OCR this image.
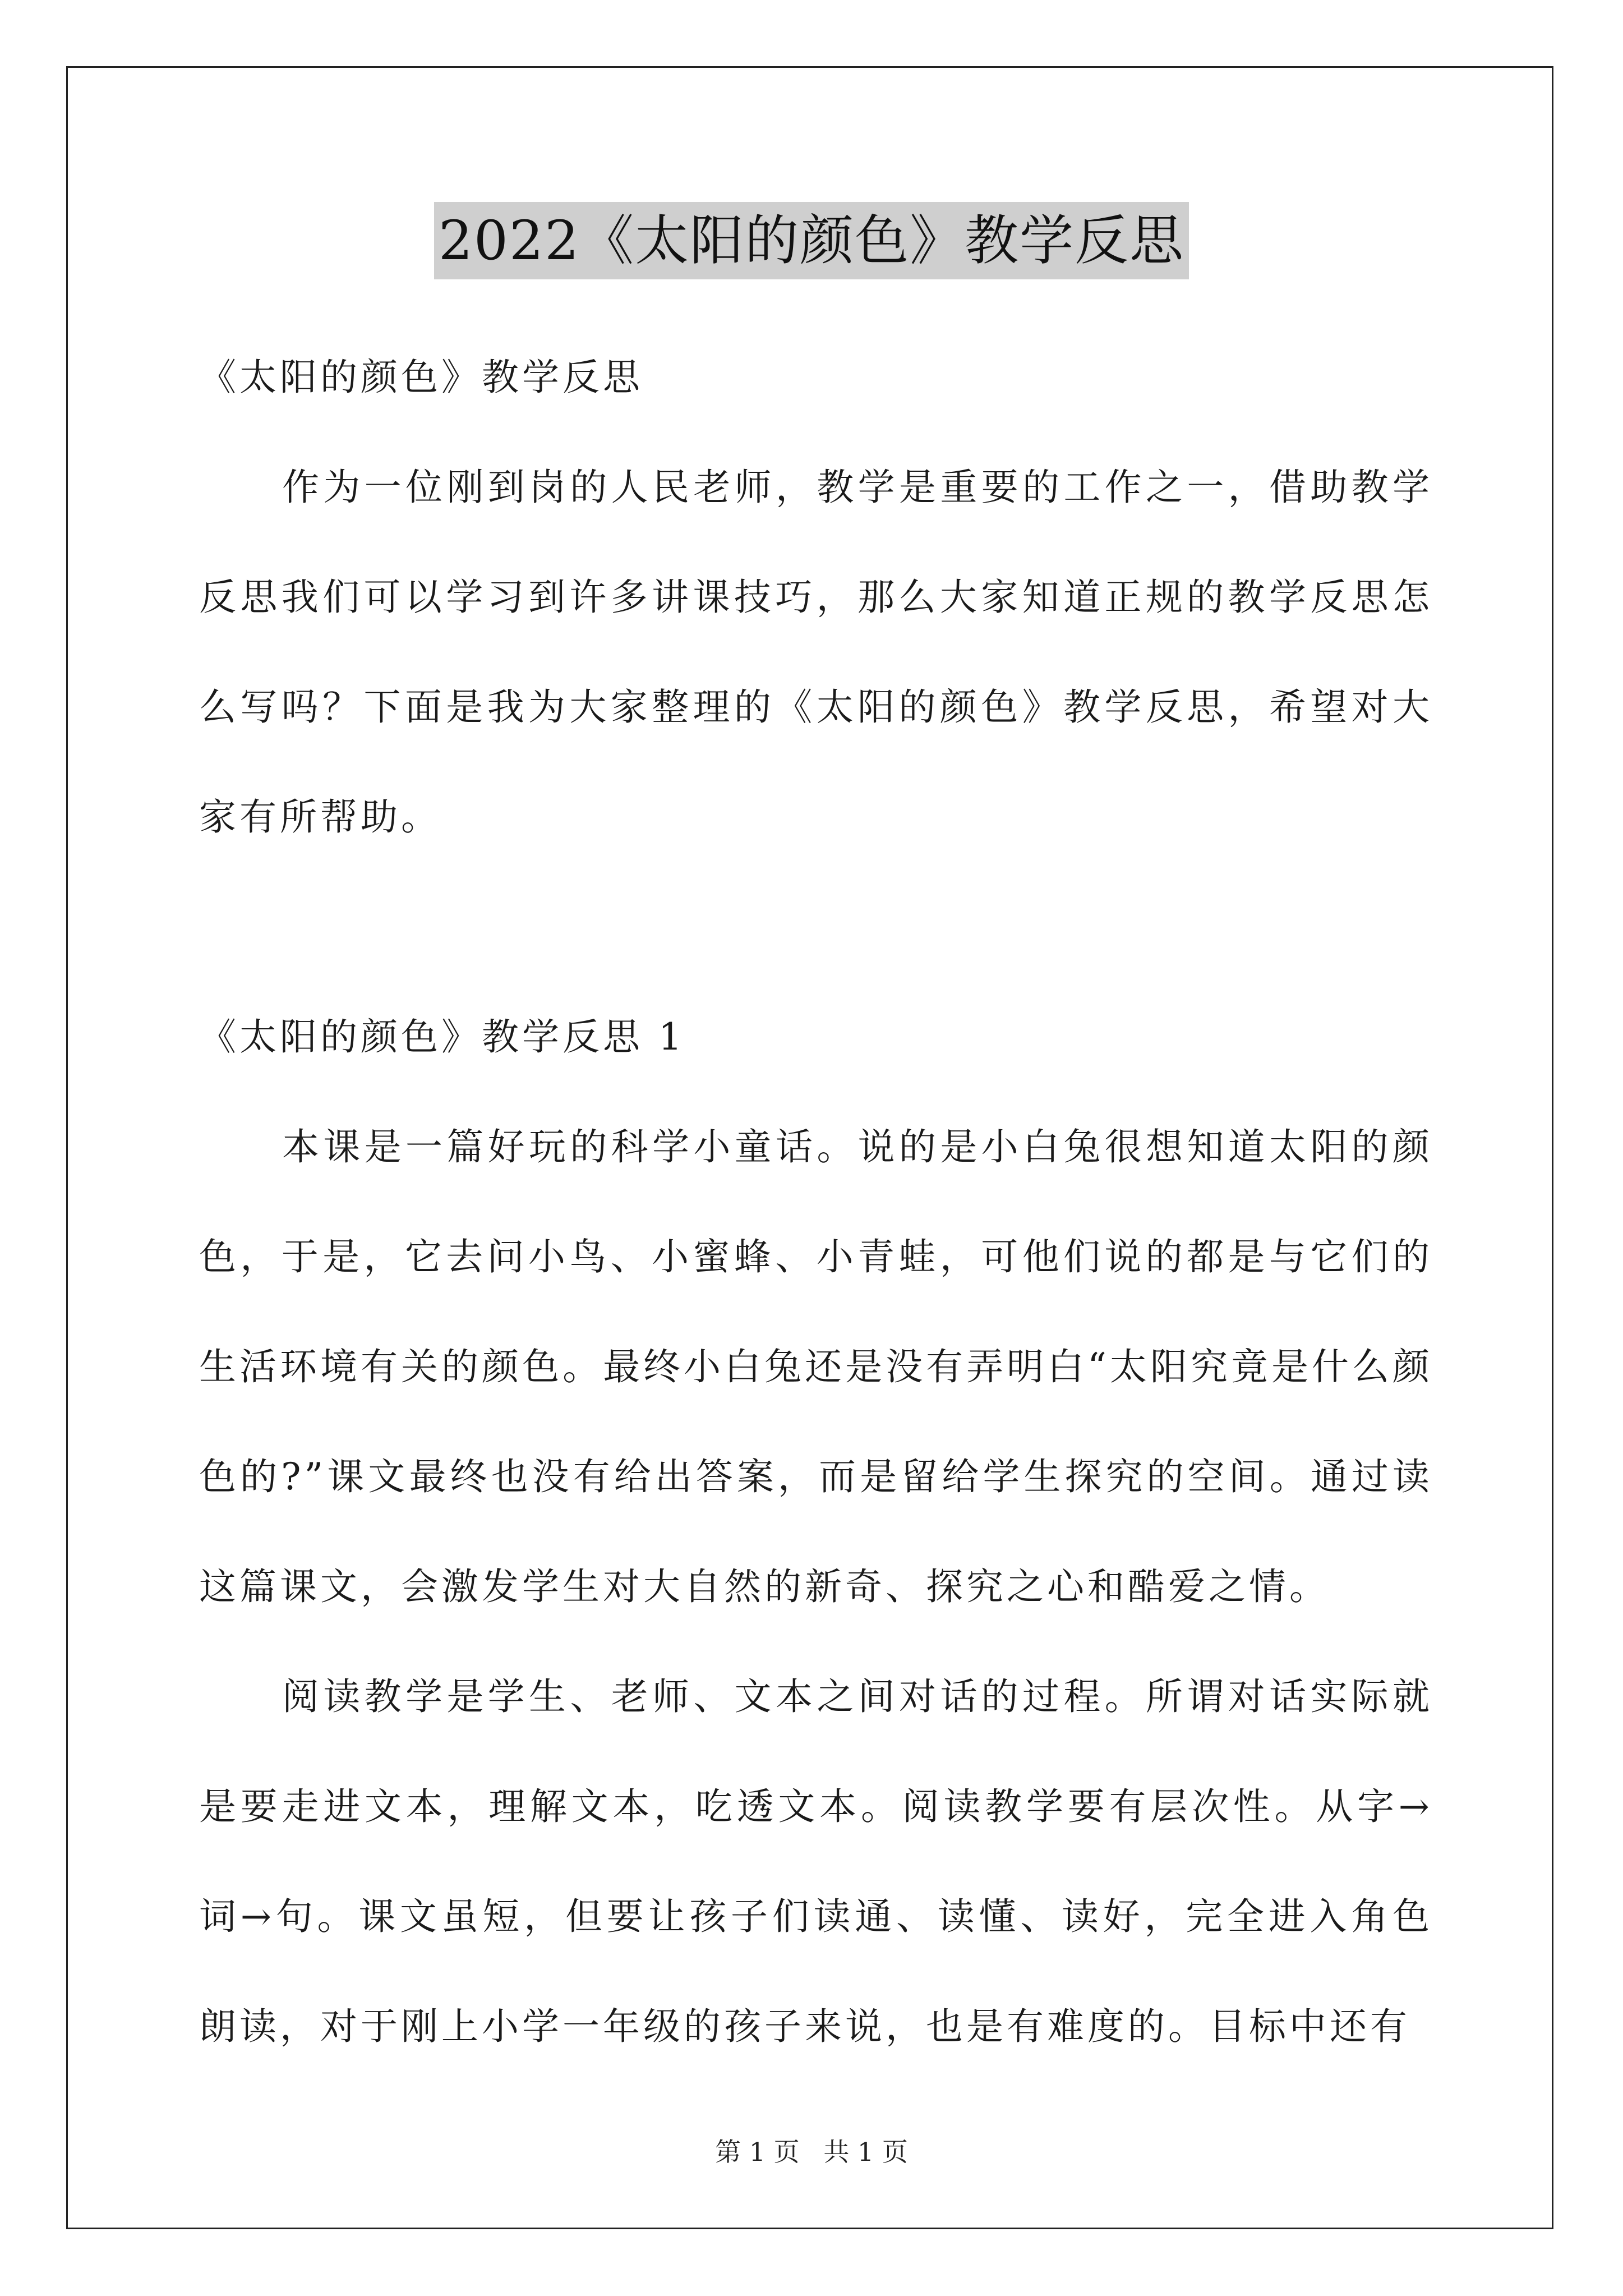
2022《太阳的颜色》教学反思

《太阳的颜色》教学反思

作为一位刚到岗的人民老师，教学是重要的工作之一，借助教学反思我们可以学习到许多讲课技巧，那么大家知道正规的教学反思怎么写吗？下面是我为大家整理的《太阳的颜色》教学反思，希望对大家有所帮助。

《太阳的颜色》教学反思 1

本课是一篇好玩的科学小童话。说的是小白兔很想知道太阳的颜色，于是，它去问小鸟、小蜜蜂、小青蛙，可他们说的都是与它们的生活环境有关的颜色。最终小白兔还是没有弄明白“太阳究竟是什么颜色的?”课文最终也没有给出答案，而是留给学生探究的空间。通过读这篇课文，会激发学生对大自然的新奇、探究之心和酷爱之情。

阅读教学是学生、老师、文本之间对话的过程。所谓对话实际就是要走进文本，理解文本，吃透文本。阅读教学要有层次性。从字→词→句。课文虽短，但要让孩子们读通、读懂、读好，完全进入角色朗读，对于刚上小学一年级的孩子来说，也是有难度的。目标中还有

第 1 页 共 1 页
